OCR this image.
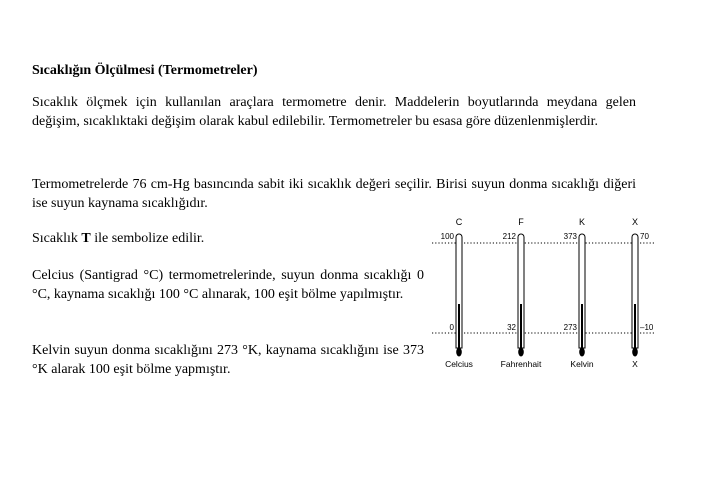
Sıcaklığın Ölçülmesi (Termometreler)

Sıcaklık ölçmek için kullanılan araçlara termometre denir. Maddelerin boyutlarında meydana gelen değişim, sıcaklıktaki değişim olarak kabul edilebilir. Termometreler bu esasa göre düzenlenmişlerdir.

Termometrelerde 76 cm-Hg basıncında sabit iki sıcaklık değeri seçilir. Birisi suyun donma sıcaklığı diğeri ise suyun kaynama sıcaklığıdır.

Sıcaklık T ile sembolize edilir.

Celcius (Santigrad °C) termometrelerinde, suyun donma sıcaklığı 0 °C, kaynama sıcaklığı 100 °C alınarak, 100 eşit bölme yapılmıştır.

Kelvin suyun donma sıcaklığını 273 °K, kaynama sıcaklığını ise 373 °K alarak 100 eşit bölme yapmıştır.

C
100
0
Celcius
F
212
32
Fahrenhait
K
373
273
Kelvin
X
70
–10
X
